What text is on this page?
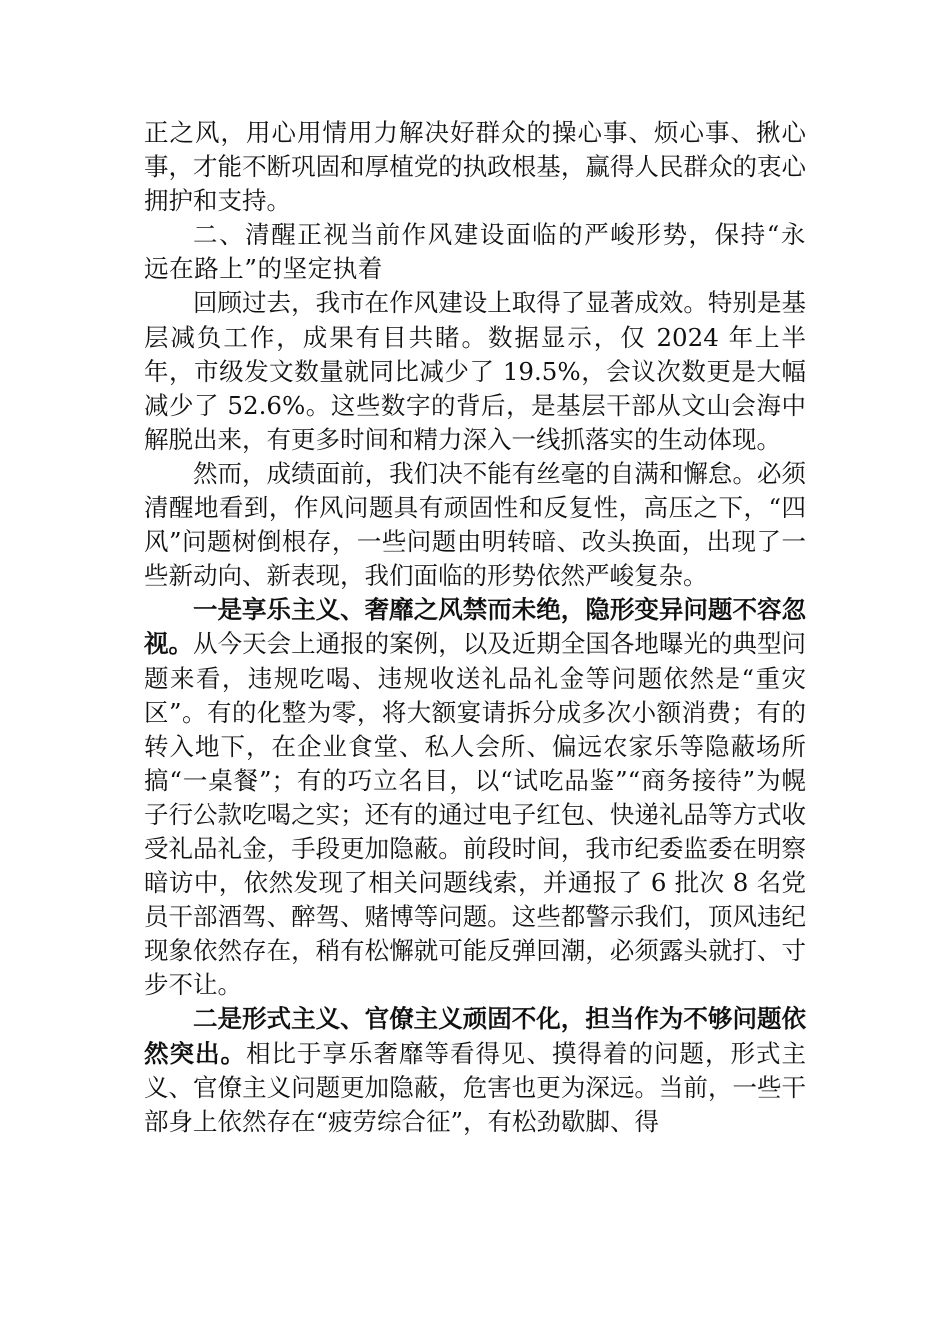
正之风，用心用情用力解决好群众的操心事、烦心事、揪心事，才能不断巩固和厚植党的执政根基，赢得人民群众的衷心拥护和支持。

二、清醒正视当前作风建设面临的严峻形势，保持“永远在路上”的坚定执着

回顾过去，我市在作风建设上取得了显著成效。特别是基层减负工作，成果有目共睹。数据显示，仅 2024 年上半年，市级发文数量就同比减少了 19.5%，会议次数更是大幅减少了 52.6%。这些数字的背后，是基层干部从文山会海中解脱出来，有更多时间和精力深入一线抓落实的生动体现。

然而，成绩面前，我们决不能有丝毫的自满和懈怠。必须清醒地看到，作风问题具有顽固性和反复性，高压之下，“四风”问题树倒根存，一些问题由明转暗、改头换面，出现了一些新动向、新表现，我们面临的形势依然严峻复杂。

一是享乐主义、奢靡之风禁而未绝，隐形变异问题不容忽视。从今天会上通报的案例，以及近期全国各地曝光的典型问题来看，违规吃喝、违规收送礼品礼金等问题依然是“重灾区”。有的化整为零，将大额宴请拆分成多次小额消费；有的转入地下，在企业食堂、私人会所、偏远农家乐等隐蔽场所搞“一桌餐”；有的巧立名目，以“试吃品鉴”“商务接待”为幌子行公款吃喝之实；还有的通过电子红包、快递礼品等方式收受礼品礼金，手段更加隐蔽。前段时间，我市纪委监委在明察暗访中，依然发现了相关问题线索，并通报了 6 批次 8 名党员干部酒驾、醉驾、赌博等问题。这些都警示我们，顶风违纪现象依然存在，稍有松懈就可能反弹回潮，必须露头就打、寸步不让。

二是形式主义、官僚主义顽固不化，担当作为不够问题依然突出。相比于享乐奢靡等看得见、摸得着的问题，形式主义、官僚主义问题更加隐蔽，危害也更为深远。当前，一些干部身上依然存在“疲劳综合征”，有松劲歇脚、得
